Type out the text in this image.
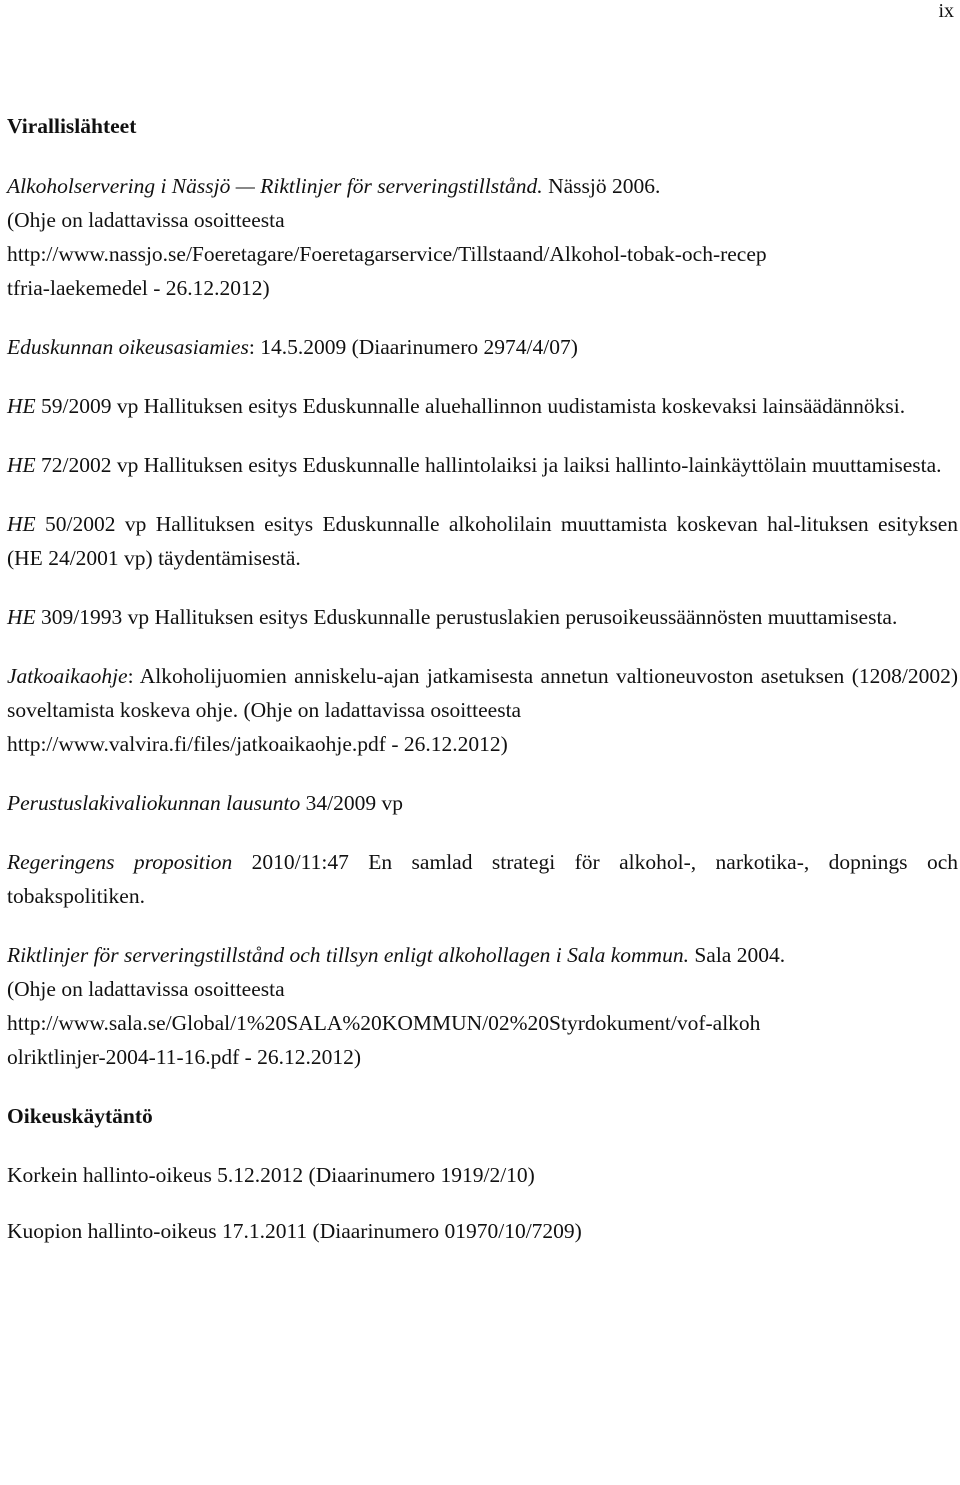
ix
Virallislähteet

Alkoholservering i Nässjö — Riktlinjer för serveringstillstånd. Nässjö 2006.
(Ohje on ladattavissa osoitteesta
http://www.nassjo.se/Foeretagare/Foeretagarservice/Tillstaand/Alkohol-tobak-och-recep
tfria-laekemedel - 26.12.2012)

Eduskunnan oikeusasiamies: 14.5.2009 (Diaarinumero 2974/4/07)

HE 59/2009 vp Hallituksen esitys Eduskunnalle aluehallinnon uudistamista koskevaksi lainsäädännöksi.

HE 72/2002 vp Hallituksen esitys Eduskunnalle hallintolaiksi ja laiksi hallinto-lainkäyttölain muuttamisesta.

HE 50/2002 vp Hallituksen esitys Eduskunnalle alkoholilain muuttamista koskevan hal-lituksen esityksen (HE 24/2001 vp) täydentämisestä.

HE 309/1993 vp Hallituksen esitys Eduskunnalle perustuslakien perusoikeussäännösten muuttamisesta.

Jatkoaikaohje: Alkoholijuomien anniskelu-ajan jatkamisesta annetun valtioneuvoston asetuksen (1208/2002) soveltamista koskeva ohje. (Ohje on ladattavissa osoitteesta
http://www.valvira.fi/files/jatkoaikaohje.pdf - 26.12.2012)

Perustuslakivaliokunnan lausunto 34/2009 vp

Regeringens proposition 2010/11:47 En samlad strategi för alkohol-, narkotika-, dopnings och tobakspolitiken.

Riktlinjer för serveringstillstånd och tillsyn enligt alkohollagen i Sala kommun. Sala 2004.
(Ohje on ladattavissa osoitteesta
http://www.sala.se/Global/1%20SALA%20KOMMUN/02%20Styrdokument/vof-alkoh
olriktlinjer-2004-11-16.pdf - 26.12.2012)

Oikeuskäytäntö

Korkein hallinto-oikeus 5.12.2012 (Diaarinumero 1919/2/10)

Kuopion hallinto-oikeus 17.1.2011 (Diaarinumero 01970/10/7209)
